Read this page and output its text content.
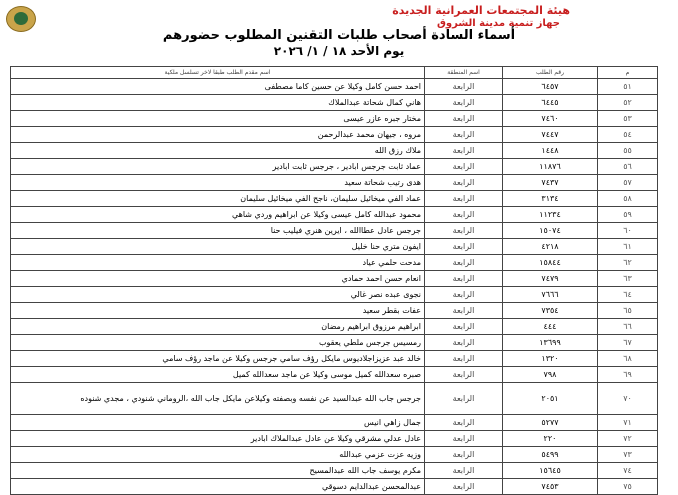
هيئة المجتمعات العمرانية الجديدة
جهاز تنمية مدينة الشروق
أسماء السادة أصحاب طلبات التقنين المطلوب حضورهم
يوم الأحد ١٨ / ١/ ٢٠٢٦
م	رقم الطلب	اسم المنطقة	اسم مقدم الطلب طبقا لاخر تسلسل ملكية
٥١	٦٤٥٧	الرابعة	احمد حسن كامل وكيلا عن حسين كاما مصطفى
٥٢	٦٤٤٥	الرابعة	هاني كمال شحاتة عبدالملاك
٥٣	٧٤٦٠	الرابعة	مختار جبره عازر عيسى
٥٤	٧٤٤٧	الرابعة	مروه ، جيهان محمد عبدالرحمن
٥٥	١٤٤٨	الرابعة	ملاك رزق الله
٥٦	١١٨٧٦	الرابعة	عماد ثابت جرجس ابادير ، جرجس ثابت ابادير
٥٧	٧٤٣٧	الرابعة	هدى رتيب شحاتة سعيد
٥٨	٣١٣٤	الرابعة	عماد الفي ميخائيل سليمان، ناجح الفي ميخائيل سليمان
٥٩	١١٢٣٤	الرابعة	محمود عبدالله كامل عيسى وكيلا عن ابراهيم وردي شاهي
٦٠	١٥٠٧٤	الرابعة	جرجس عادل عطاالله ، ايرين هنري فيليب حنا
٦١	٤٢١٨	الرابعة	ايفون متري حنا خليل
٦٢	١٥٨٤٤	الرابعة	مدحت حلمي عياد
٦٣	٧٤٧٩	الرابعة	انعام حسن احمد حمادي
٦٤	٧٦٦٦	الرابعة	نجوى عبده نصر غالي
٦٥	٧٣٥٤	الرابعة	عفات بقطر سعيد
٦٦	٤٤٤	الرابعة	ابراهيم مرزوق ابراهيم رمضان
٦٧	١٣٦٩٩	الرابعة	رمسيس جرجس ملطي يعقوب
٦٨	١٣٢٠	الرابعة	خالد عبد عزيزاجلاديوس مايكل رؤف سامي جرجس وكيلا عن ماجد رؤف سامي
٦٩	٧٩٨	الرابعة	صبره سعدالله كميل موسى وكيلا عن ماجد سعدالله كميل
٧٠	٢٠٥١	الرابعة	جرجس جاب الله عبدالسيد عن نفسه وبصفته وكيلاعن مايكل جاب الله ،الروماني شنودي ، مجدي شنوده

٧١	٥٢٧٧	الرابعة	جمال زاهي انيس
٧٢	٢٢٠	الرابعة	عادل عدلي مشرقي وكيلا عن عادل عبدالملاك ابادير
٧٣	٥٤٩٩	الرابعة	وزيه عزت عزمي عبدالله
٧٤	١٥٦٤٥	الرابعة	مكرم يوسف جاب الله عبدالمسيح
٧٥	٧٤٥٣	الرابعة	عبدالمحسن عبدالدايم دسوقي
